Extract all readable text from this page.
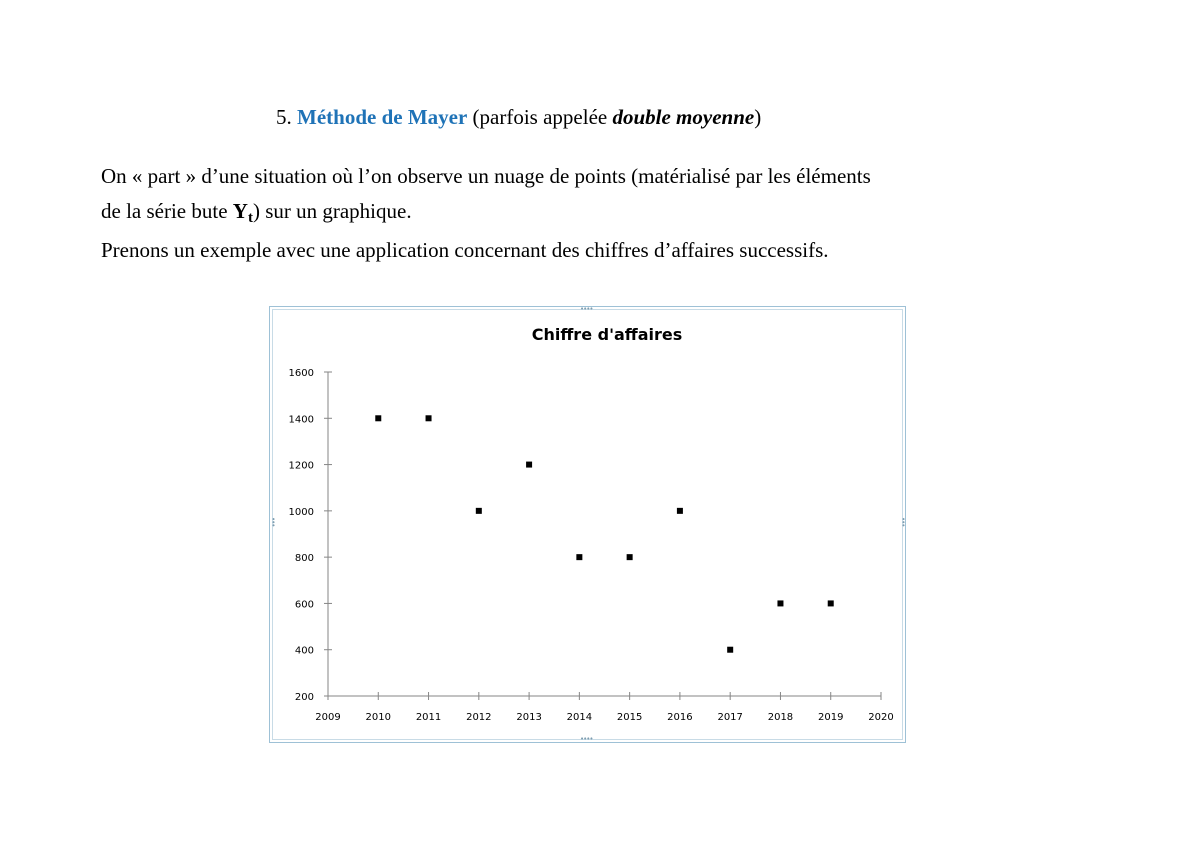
5. Méthode de Mayer (parfois appelée double moyenne)
On « part » d’une situation où l’on observe un nuage de points (matérialisé par les éléments
de la série bute $Y_t$) sur un graphique.
Prenons un exemple avec une application concernant des chiffres d’affaires successifs.
••••
••••
•••	•••
Chiffre d'affaires
200
400
600
800
1000
1200
1400
1600
2009 2010 2011 2012 2013 2014 2015 2016 2017 2018 2019 2020
